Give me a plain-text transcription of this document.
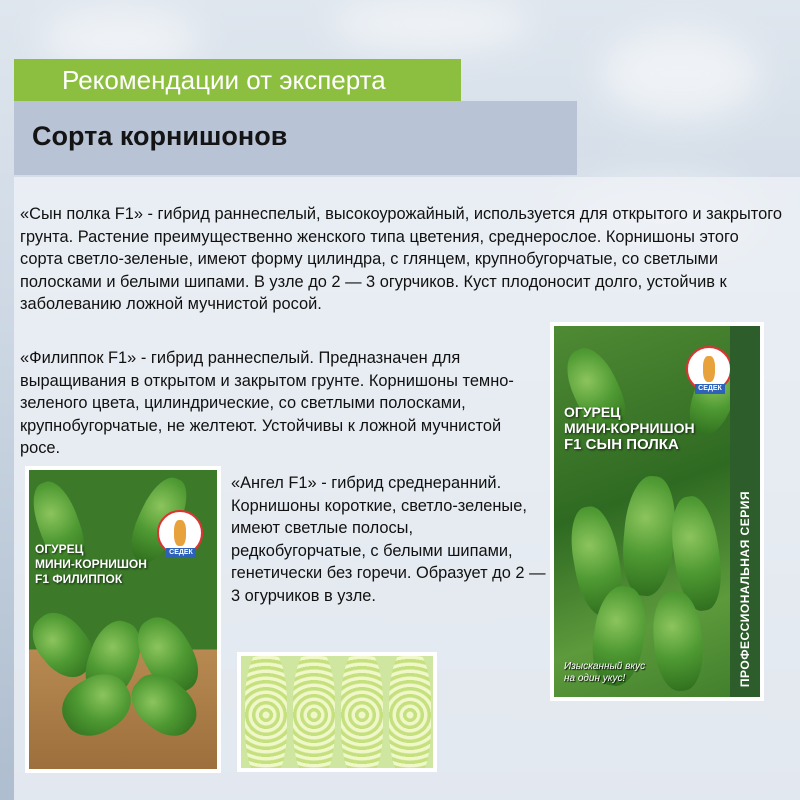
Рекомендации от эксперта
Сорта корнишонов

«Сын полка F1» - гибрид раннеспелый, высокоурожайный, используется для открытого и закрытого грунта. Растение преимущественно женского типа цветения, среднерослое. Корнишоны этого сорта светло-зеленые, имеют форму цилиндра, с глянцем, крупнобугорчатые, со светлыми полосками и белыми шипами. В узле до 2 — 3 огурчиков. Куст плодоносит долго, устойчив к заболеванию ложной мучнистой росой.

«Филиппок F1» - гибрид раннеспелый. Предназначен для выращивания в открытом и закрытом грунте. Корнишоны темно-зеленого цвета, цилиндрические, со светлыми полосками, крупнобугорчатые, не желтеют. Устойчивы к ложной мучнистой росе.

«Ангел F1» - гибрид среднеранний. Корнишоны короткие, светло-зеленые, имеют светлые полосы, редкобугорчатые, с белыми шипами, генетически без горечи. Образует до 2 — 3 огурчиков в узле.

СЕДЕК
ОГУРЕЦ
МИНИ-КОРНИШОН
F1 СЫН ПОЛКА
ПРОФЕССИОНАЛЬНАЯ СЕРИЯ
Изысканный вкус
на один укус!
СЕДЕК
ОГУРЕЦ
МИНИ-КОРНИШОН
F1 ФИЛИППОК
